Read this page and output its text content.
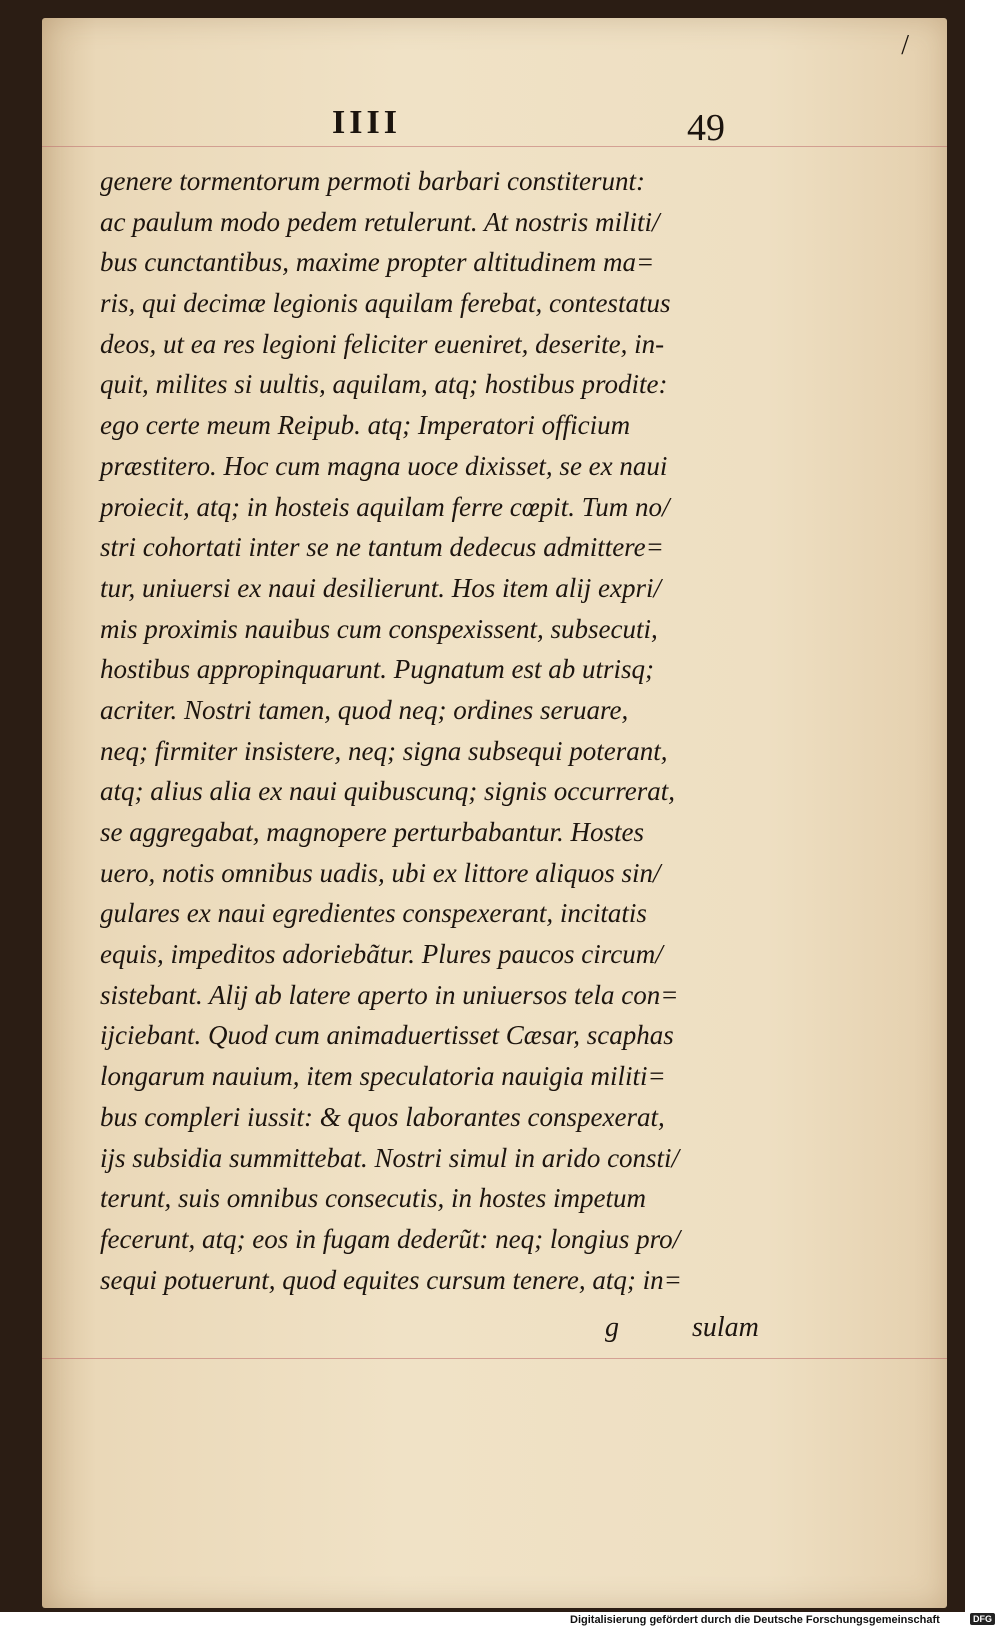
/
IIII	49
genere tormentorum permoti barbari constiterunt:
ac paulum modo pedem retulerunt. At nostris militi/
bus cunctantibus, maxime propter altitudinem ma=
ris, qui decimæ legionis aquilam ferebat, contestatus
deos, ut ea res legioni feliciter eueniret, deserite, in-
quit, milites si uultis, aquilam, atq; hostibus prodite:
ego certe meum Reipub. atq; Imperatori officium
præstitero. Hoc cum magna uoce dixisset, se ex naui
proiecit, atq; in hosteis aquilam ferre cœpit. Tum no/
stri cohortati inter se ne tantum dedecus admittere=
tur, uniuersi ex naui desilierunt. Hos item alij expri/
mis proximis nauibus cum conspexissent, subsecuti,
hostibus appropinquarunt. Pugnatum est ab utrisq;
acriter. Nostri tamen, quod neq; ordines seruare,
neq; firmiter insistere, neq; signa subsequi poterant,
atq; alius alia ex naui quibuscunq; signis occurrerat,
se aggregabat, magnopere perturbabantur. Hostes
uero, notis omnibus uadis, ubi ex littore aliquos sin/
gulares ex naui egredientes conspexerant, incitatis
equis, impeditos adoriebãtur. Plures paucos circum/
sistebant. Alij ab latere aperto in uniuersos tela con=
ijciebant. Quod cum animaduertisset Cæsar, scaphas
longarum nauium, item speculatoria nauigia militi=
bus compleri iussit: & quos laborantes conspexerat,
ijs subsidia summittebat. Nostri simul in arido consti/
terunt, suis omnibus consecutis, in hostes impetum
fecerunt, atq; eos in fugam dederũt: neq; longius pro/
sequi potuerunt, quod equites cursum tenere, atq; in=
g	sulam
Digitalisierung gefördert durch die Deutsche Forschungsgemeinschaft	DFG
